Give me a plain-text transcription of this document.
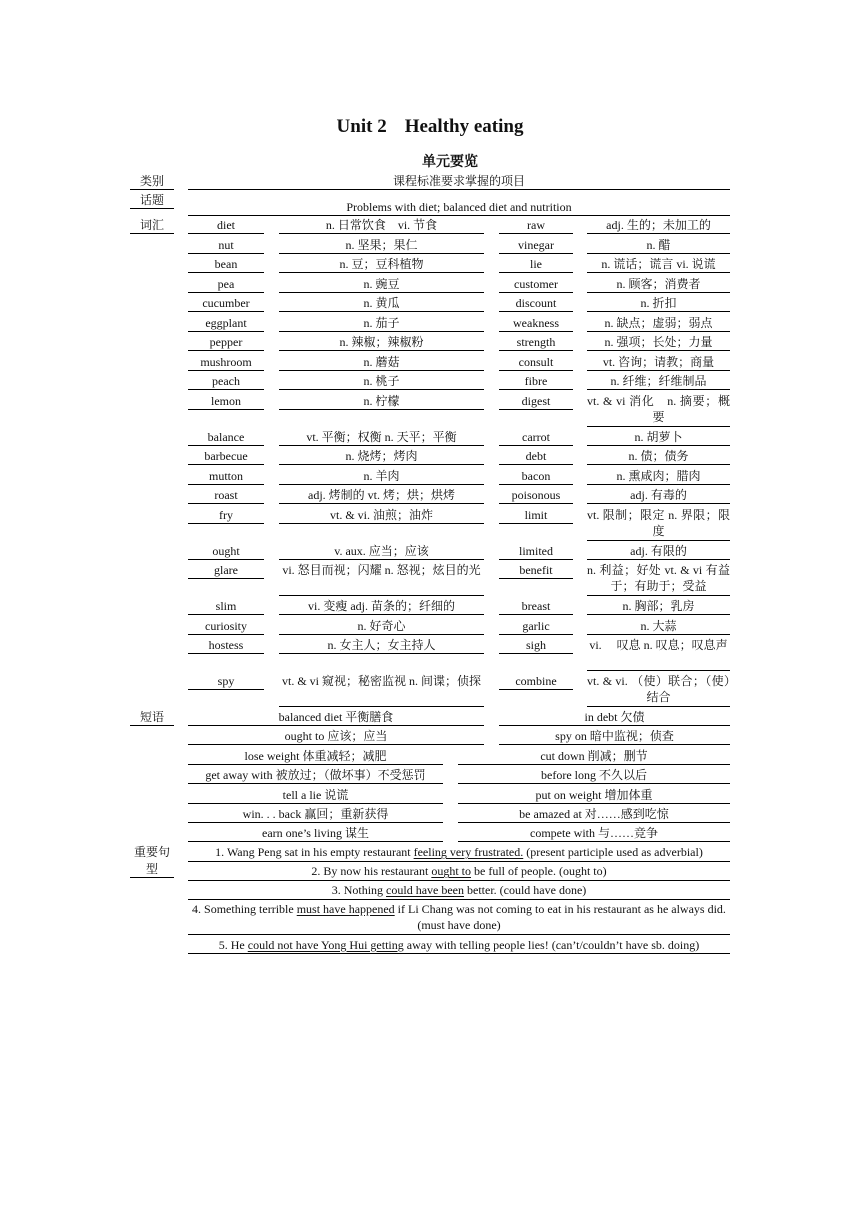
Unit 2 Healthy eating
单元要览
类别	课程标准要求掌握的项目
话题	Problems with diet; balanced diet and nutrition
词汇	diet	n. 日常饮食　vi. 节食	raw	adj. 生的；未加工的
nut	n. 坚果；果仁	vinegar	n. 醋
bean	n. 豆；豆科植物	lie	n. 谎话；谎言 vi. 说谎
pea	n. 豌豆	customer	n. 顾客；消费者
cucumber	n. 黄瓜	discount	n. 折扣
eggplant	n. 茄子	weakness	n. 缺点；虚弱；弱点
pepper	n. 辣椒；辣椒粉	strength	n. 强项；长处；力量
mushroom	n. 蘑菇	consult	vt. 咨询；请教；商量
peach	n. 桃子	fibre	n. 纤维；纤维制品
lemon	n. 柠檬	digest	vt. & vi 消化　n. 摘要；概要
balance	vt. 平衡；权衡 n. 天平；平衡	carrot	n. 胡萝卜
barbecue	n. 烧烤；烤肉	debt	n. 债；债务
mutton	n. 羊肉	bacon	n. 熏咸肉；腊肉
roast	adj. 烤制的 vt. 烤；烘；烘烤	poisonous	adj. 有毒的
fry	vt. & vi. 油煎；油炸	limit	vt. 限制；限定 n. 界限；限度
ought	v. aux. 应当；应该	limited	adj. 有限的
glare	vi. 怒目而视；闪耀 n. 怒视；炫目的光	benefit	n. 利益；好处 vt. & vi 有益于；有助于；受益
slim	vi. 变瘦 adj. 苗条的；纤细的	breast	n. 胸部；乳房
curiosity	n. 好奇心	garlic	n. 大蒜
hostess	n. 女主人；女主持人	sigh	vi.　 叹息 n. 叹息；叹息声
spy	vt. & vi 窥视；秘密监视 n. 间谍；侦探	combine	vt. & vi. （使）联合；（使）结合
短语	balanced diet 平衡膳食	in debt 欠债
ought to 应该；应当	spy on 暗中监视；侦查
lose weight 体重减轻；减肥	cut down 削减；删节
get away with 被放过；（做坏事）不受惩罚	before long 不久以后
tell a lie 说谎	put on weight 增加体重
win. . . back 赢回；重新获得	be amazed at 对……感到吃惊
earn one’s living 谋生	compete with 与……竞争
重要句
型
1. Wang Peng sat in his empty restaurant feeling very frustrated. (present participle used as adverbial)
2. By now his restaurant ought to be full of people. (ought to)
3. Nothing could have been better. (could have done)
4. Something terrible must have happened if Li Chang was not coming to eat in his restaurant as he always did. (must have done)
5. He could not have Yong Hui getting away with telling people lies! (can’t/couldn’t have sb. doing)
